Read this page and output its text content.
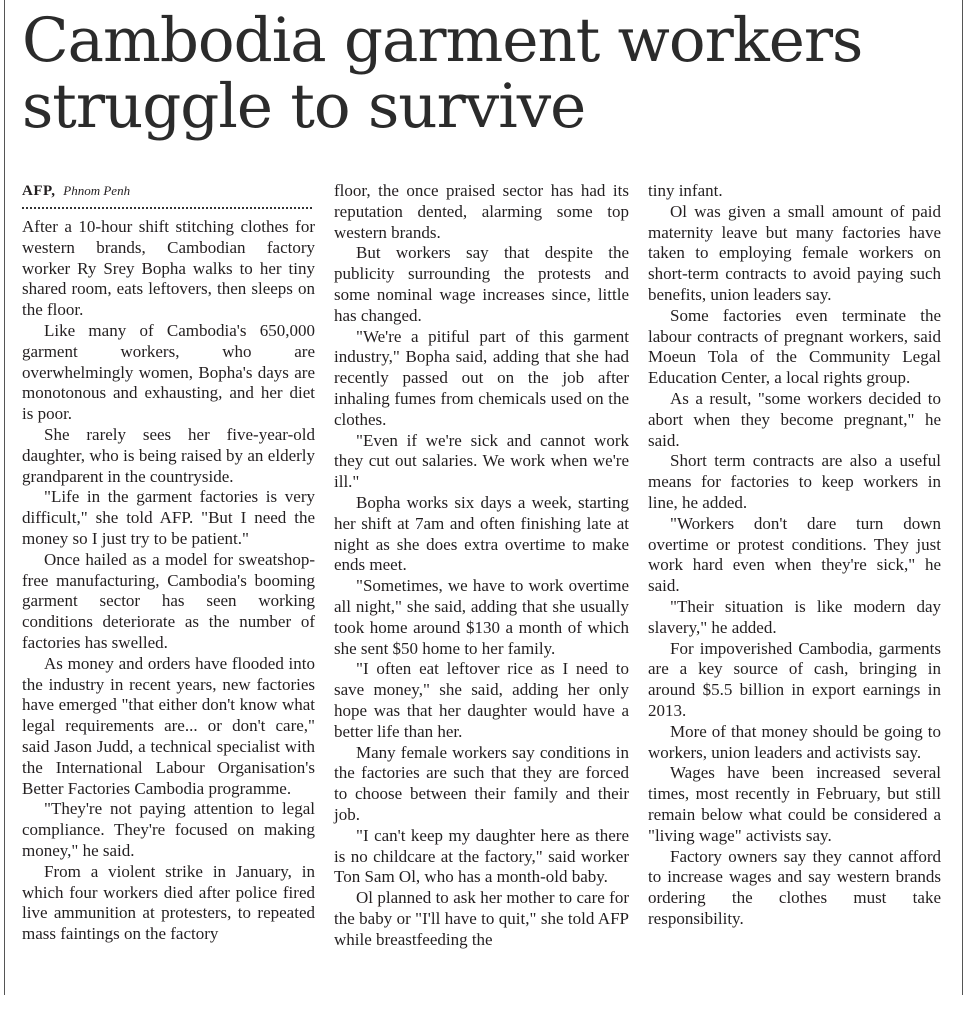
Cambodia garment workers struggle to survive
AFP, Phnom Penh

After a 10-hour shift stitching clothes for western brands, Cambodian factory worker Ry Srey Bopha walks to her tiny shared room, eats leftovers, then sleeps on the floor.

Like many of Cambodia's 650,000 garment workers, who are overwhelmingly women, Bopha's days are monotonous and exhausting, and her diet is poor.

She rarely sees her five-year-old daughter, who is being raised by an elderly grandparent in the countryside.

"Life in the garment factories is very difficult," she told AFP. "But I need the money so I just try to be patient."

Once hailed as a model for sweatshop-free manufacturing, Cambodia's booming garment sector has seen working conditions deteriorate as the number of factories has swelled.

As money and orders have flooded into the industry in recent years, new factories have emerged "that either don't know what legal requirements are... or don't care," said Jason Judd, a technical specialist with the International Labour Organisation's Better Factories Cambodia programme.

"They're not paying attention to legal compliance. They're focused on making money," he said.

From a violent strike in January, in which four workers died after police fired live ammunition at protesters, to repeated mass faintings on the factory

floor, the once praised sector has had its reputation dented, alarming some top western brands.

But workers say that despite the publicity surrounding the protests and some nominal wage increases since, little has changed.

"We're a pitiful part of this garment industry," Bopha said, adding that she had recently passed out on the job after inhaling fumes from chemicals used on the clothes.

"Even if we're sick and cannot work they cut out salaries. We work when we're ill."

Bopha works six days a week, starting her shift at 7am and often finishing late at night as she does extra overtime to make ends meet.

"Sometimes, we have to work overtime all night," she said, adding that she usually took home around $130 a month of which she sent $50 home to her family.

"I often eat leftover rice as I need to save money," she said, adding her only hope was that her daughter would have a better life than her.

Many female workers say conditions in the factories are such that they are forced to choose between their family and their job.

"I can't keep my daughter here as there is no childcare at the factory," said worker Ton Sam Ol, who has a month-old baby.

Ol planned to ask her mother to care for the baby or "I'll have to quit," she told AFP while breastfeeding the

tiny infant.

Ol was given a small amount of paid maternity leave but many factories have taken to employing female workers on short-term contracts to avoid paying such benefits, union leaders say.

Some factories even terminate the labour contracts of pregnant workers, said Moeun Tola of the Community Legal Education Center, a local rights group.

As a result, "some workers decided to abort when they become pregnant," he said.

Short term contracts are also a useful means for factories to keep workers in line, he added.

"Workers don't dare turn down overtime or protest conditions. They just work hard even when they're sick," he said.

"Their situation is like modern day slavery," he added.

For impoverished Cambodia, garments are a key source of cash, bringing in around $5.5 billion in export earnings in 2013.

More of that money should be going to workers, union leaders and activists say.

Wages have been increased several times, most recently in February, but still remain below what could be considered a "living wage" activists say.

Factory owners say they cannot afford to increase wages and say western brands ordering the clothes must take responsibility.
